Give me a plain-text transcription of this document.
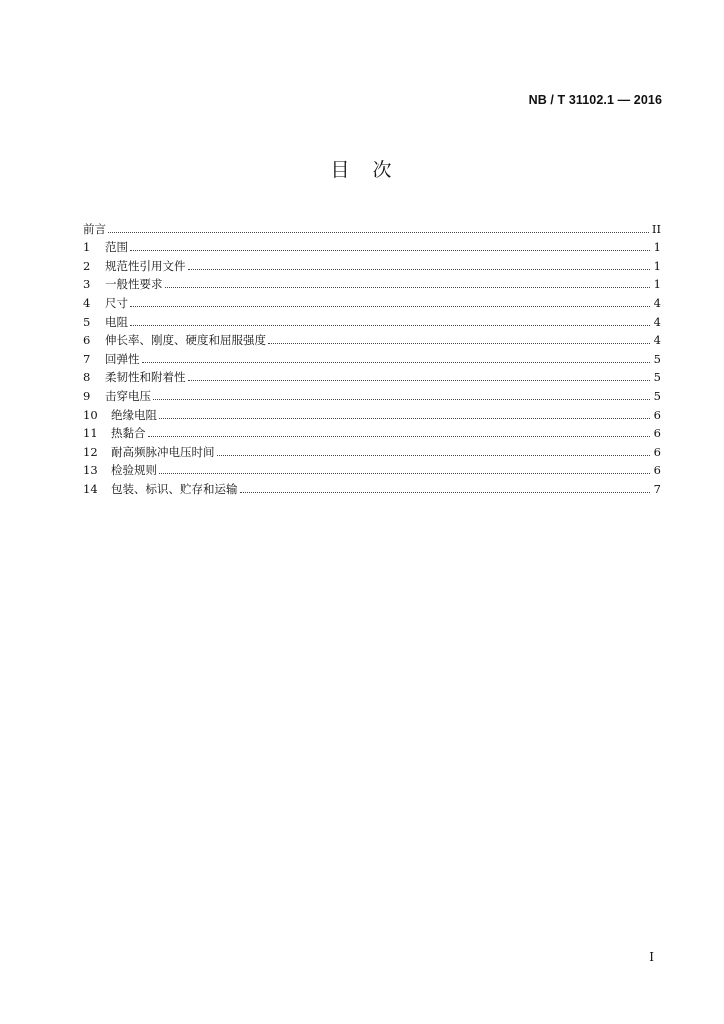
NB / T 31102.1 — 2016
目　次
前言	II
1	范围	1
2	规范性引用文件	1
3	一般性要求	1
4	尺寸	4
5	电阻	4
6	伸长率、刚度、硬度和屈服强度	4
7	回弹性	5
8	柔韧性和附着性	5
9	击穿电压	5
10	绝缘电阻	6
11	热黏合	6
12	耐高频脉冲电压时间	6
13	检验规则	6
14	包装、标识、贮存和运输	7
I
